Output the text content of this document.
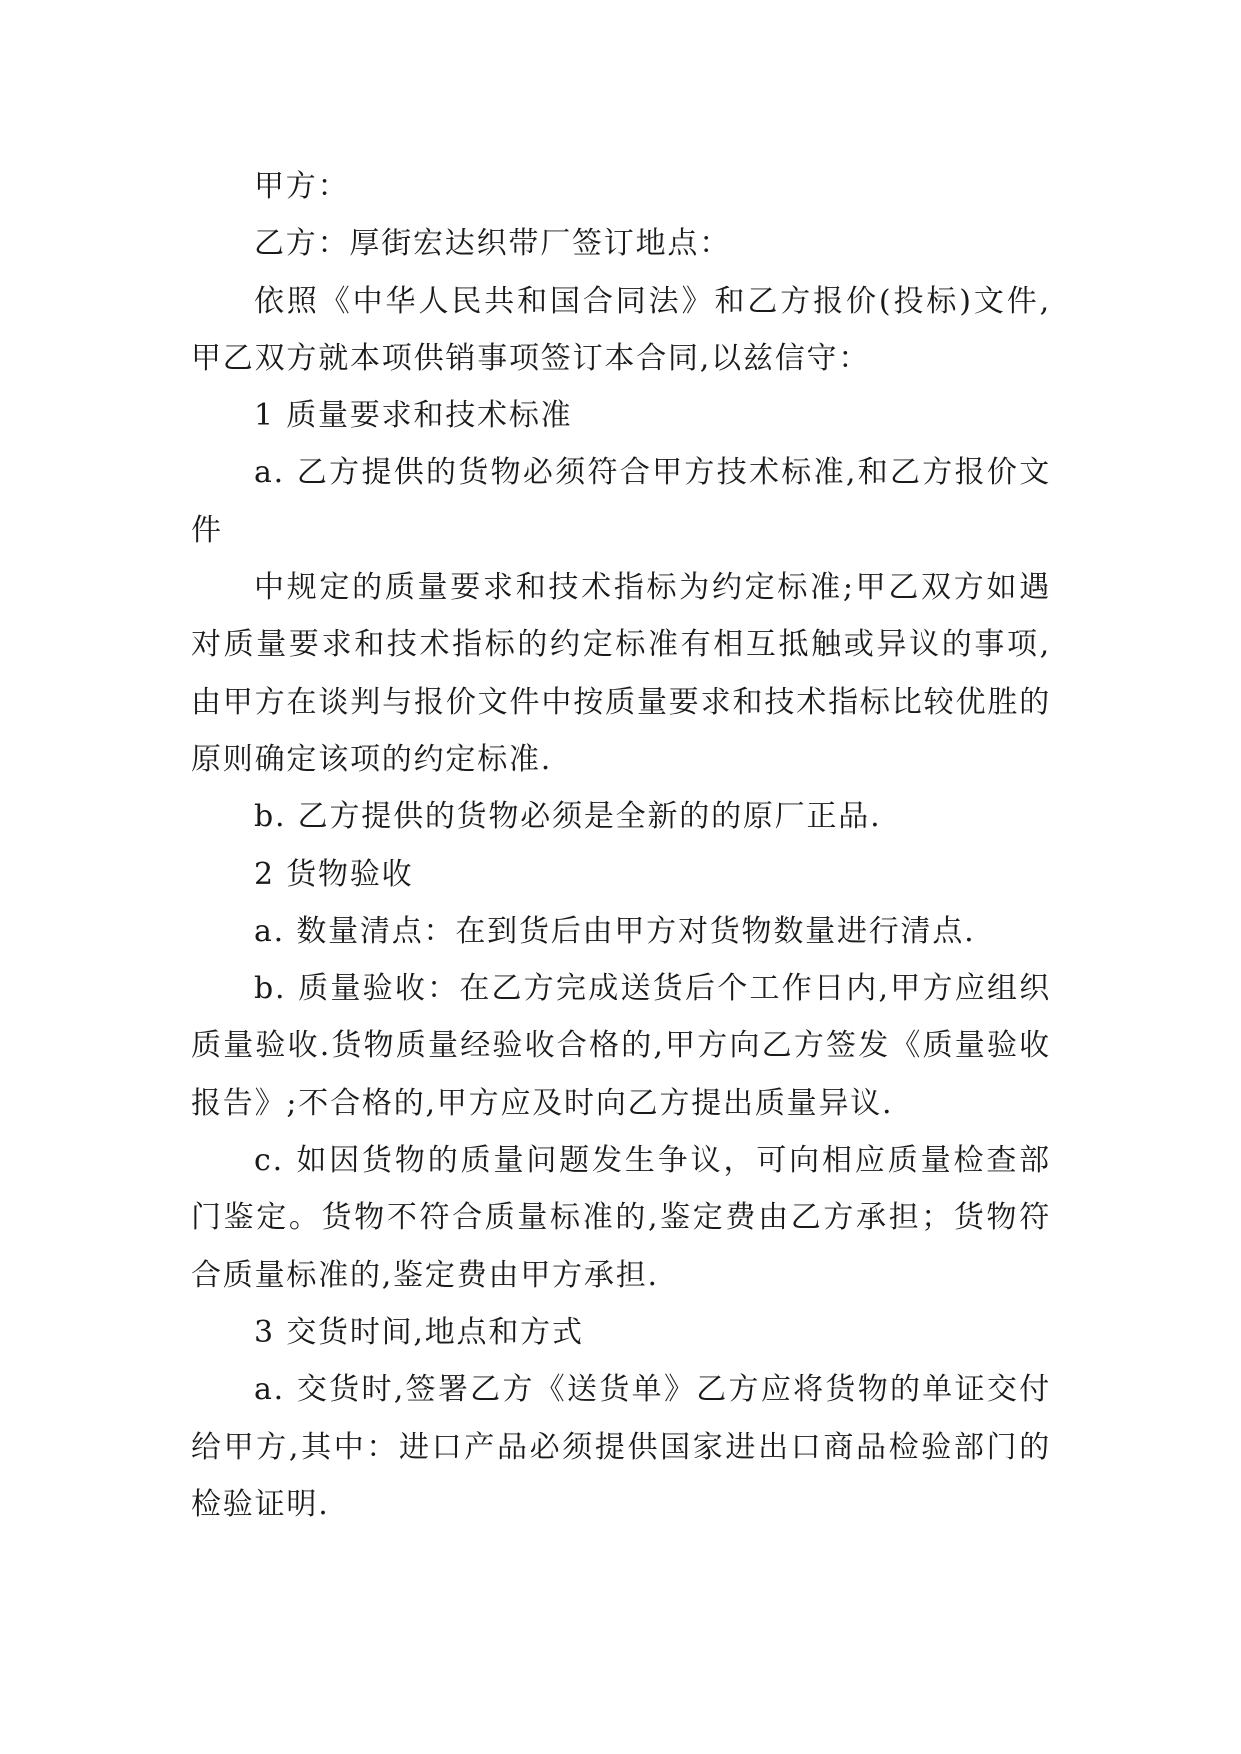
甲方：

乙方：厚街宏达织带厂签订地点：

依照《中华人民共和国合同法》和乙方报价(投标)文件,甲乙双方就本项供销事项签订本合同,以兹信守：

1 质量要求和技术标准

a. 乙方提供的货物必须符合甲方技术标准,和乙方报价文件

中规定的质量要求和技术指标为约定标准;甲乙双方如遇对质量要求和技术指标的约定标准有相互抵触或异议的事项,由甲方在谈判与报价文件中按质量要求和技术指标比较优胜的原则确定该项的约定标准.

b. 乙方提供的货物必须是全新的的原厂正品.

2 货物验收

a. 数量清点：在到货后由甲方对货物数量进行清点.

b. 质量验收：在乙方完成送货后个工作日内,甲方应组织质量验收.货物质量经验收合格的,甲方向乙方签发《质量验收报告》;不合格的,甲方应及时向乙方提出质量异议.

c. 如因货物的质量问题发生争议，可向相应质量检查部门鉴定。货物不符合质量标准的,鉴定费由乙方承担；货物符合质量标准的,鉴定费由甲方承担.

3 交货时间,地点和方式

a. 交货时,签署乙方《送货单》乙方应将货物的单证交付给甲方,其中：进口产品必须提供国家进出口商品检验部门的检验证明.
